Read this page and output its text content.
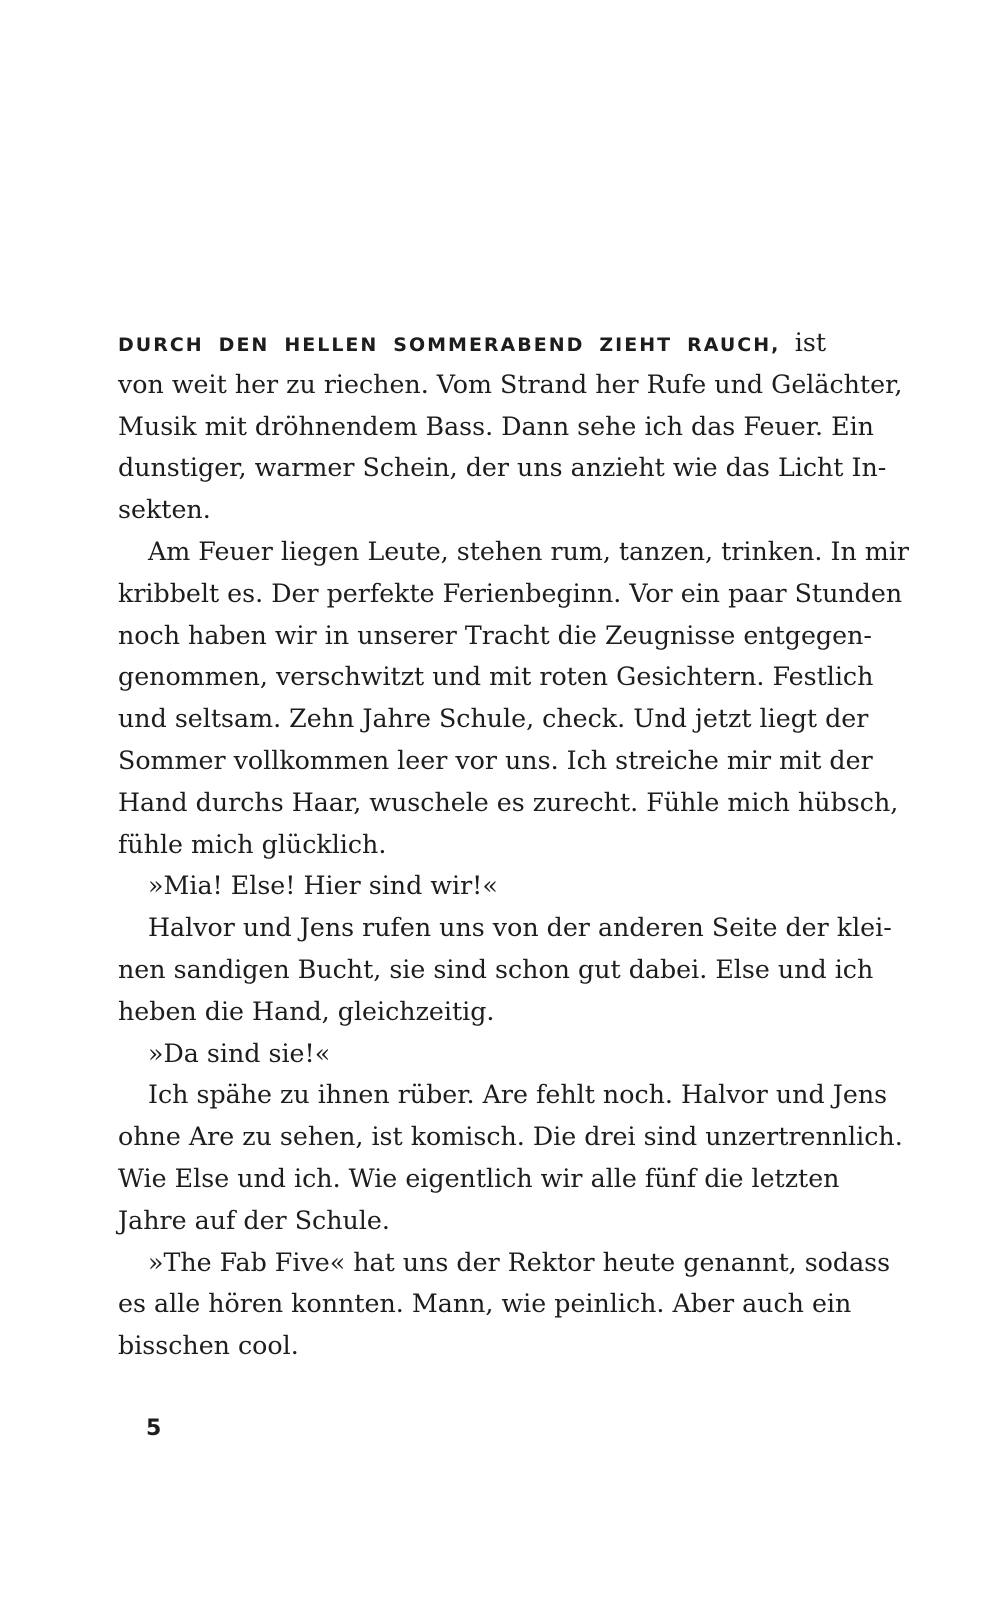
DURCH DEN HELLEN SOMMERABEND ZIEHT RAUCH, ist
von weit her zu riechen. Vom Strand her Rufe und Gelächter,
Musik mit dröhnendem Bass. Dann sehe ich das Feuer. Ein
dunstiger, warmer Schein, der uns anzieht wie das Licht In-
sekten.
Am Feuer liegen Leute, stehen rum, tanzen, trinken. In mir
kribbelt es. Der perfekte Ferienbeginn. Vor ein paar Stunden
noch haben wir in unserer Tracht die Zeugnisse entgegen-
genommen, verschwitzt und mit roten Gesichtern. Festlich
und seltsam. Zehn Jahre Schule, check. Und jetzt liegt der
Sommer vollkommen leer vor uns. Ich streiche mir mit der
Hand durchs Haar, wuschele es zurecht. Fühle mich hübsch,
fühle mich glücklich.
»Mia! Else! Hier sind wir!«
Halvor und Jens rufen uns von der anderen Seite der klei-
nen sandigen Bucht, sie sind schon gut dabei. Else und ich
heben die Hand, gleichzeitig.
»Da sind sie!«
Ich spähe zu ihnen rüber. Are fehlt noch. Halvor und Jens
ohne Are zu sehen, ist komisch. Die drei sind unzertrennlich.
Wie Else und ich. Wie eigentlich wir alle fünf die letzten
Jahre auf der Schule.
»The Fab Five« hat uns der Rektor heute genannt, sodass
es alle hören konnten. Mann, wie peinlich. Aber auch ein
bisschen cool.
5
